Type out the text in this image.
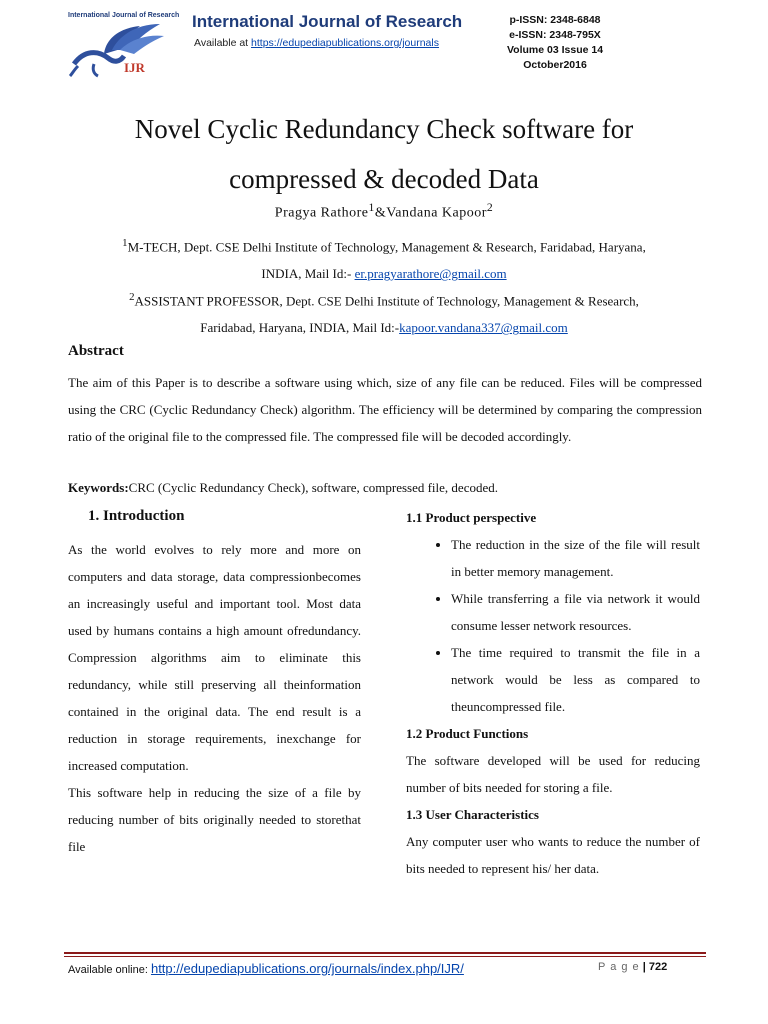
International Journal of Research
IJR
International Journal of Research
Available at https://edupediapublications.org/journals
p-ISSN: 2348-6848
e-ISSN: 2348-795X
Volume 03 Issue 14
October2016
Novel Cyclic Redundancy Check software for
compressed & decoded Data
Pragya Rathore$^1$&Vandana Kapoor$^2$
$^1$M-TECH, Dept. CSE Delhi Institute of Technology, Management & Research, Faridabad, Haryana,
INDIA, Mail Id:- er.pragyarathore@gmail.com
$^2$ASSISTANT PROFESSOR, Dept. CSE Delhi Institute of Technology, Management & Research,
Faridabad, Haryana, INDIA, Mail Id:-kapoor.vandana337@gmail.com
Abstract
The aim of this Paper is to describe a software using which, size of any file can be reduced. Files will be compressed using the CRC (Cyclic Redundancy Check) algorithm. The efficiency will be determined by comparing the compression ratio of the original file to the compressed file. The compressed file will be decoded accordingly.
Keywords:CRC (Cyclic Redundancy Check), software, compressed file, decoded.
1. Introduction

As the world evolves to rely more and more on computers and data storage, data compressionbecomes an increasingly useful and important tool. Most data used by humans contains a high amount ofredundancy. Compression algorithms aim to eliminate this redundancy, while still preserving all theinformation contained in the original data. The end result is a reduction in storage requirements, inexchange for increased computation.

This software help in reducing the size of a file by reducing number of bits originally needed to storethat file

1.1 Product perspective
• The reduction in the size of the file will result in better memory management.
• While transferring a file via network it would consume lesser network resources.
• The time required to transmit the file in a network would be less as compared to theuncompressed file.
1.2 Product Functions

The software developed will be used for reducing number of bits needed for storing a file.

1.3 User Characteristics

Any computer user who wants to reduce the number of bits needed to represent his/ her data.

Available online: http://edupediapublications.org/journals/index.php/IJR/	P a g e | 722
